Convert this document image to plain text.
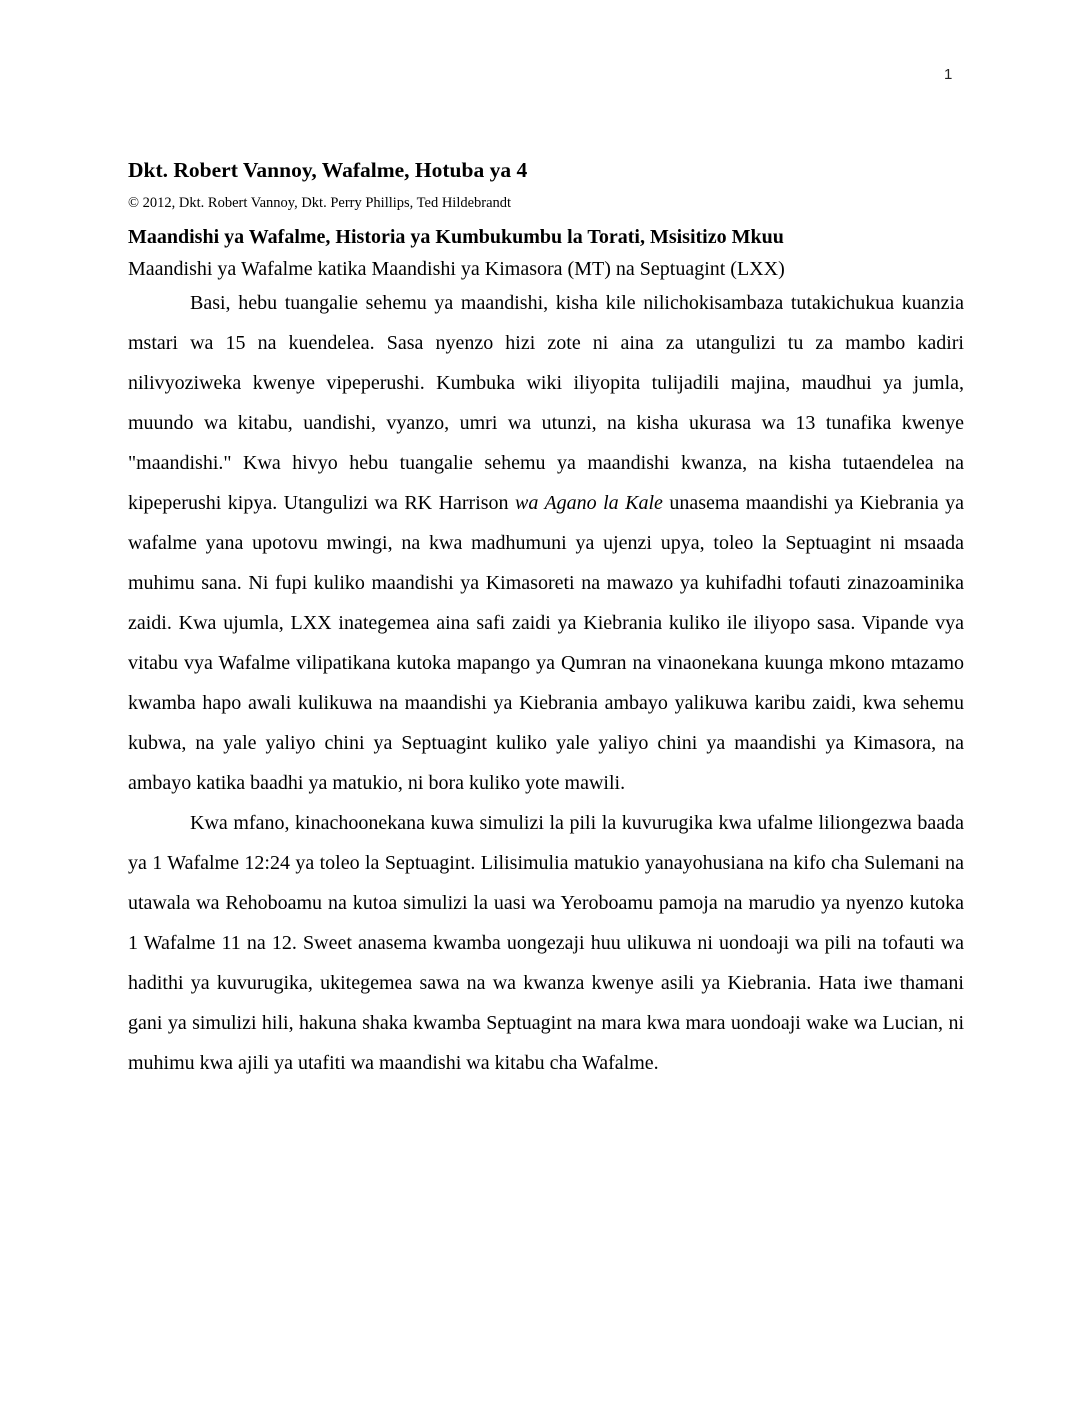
1
Dkt. Robert Vannoy, Wafalme, Hotuba ya 4

© 2012, Dkt. Robert Vannoy, Dkt. Perry Phillips, Ted Hildebrandt

Maandishi ya Wafalme, Historia ya Kumbukumbu la Torati, Msisitizo Mkuu

Maandishi ya Wafalme katika Maandishi ya Kimasora (MT) na Septuagint (LXX)

Basi, hebu tuangalie sehemu ya maandishi, kisha kile nilichokisambaza tutakichukua kuanzia mstari wa 15 na kuendelea. Sasa nyenzo hizi zote ni aina za utangulizi tu za mambo kadiri nilivyoziweka kwenye vipeperushi. Kumbuka wiki iliyopita tulijadili majina, maudhui ya jumla, muundo wa kitabu, uandishi, vyanzo, umri wa utunzi, na kisha ukurasa wa 13 tunafika kwenye "maandishi." Kwa hivyo hebu tuangalie sehemu ya maandishi kwanza, na kisha tutaendelea na kipeperushi kipya. Utangulizi wa RK Harrison wa Agano la Kale unasema maandishi ya Kiebrania ya wafalme yana upotovu mwingi, na kwa madhumuni ya ujenzi upya, toleo la Septuagint ni msaada muhimu sana. Ni fupi kuliko maandishi ya Kimasoreti na mawazo ya kuhifadhi tofauti zinazoaminika zaidi. Kwa ujumla, LXX inategemea aina safi zaidi ya Kiebrania kuliko ile iliyopo sasa. Vipande vya vitabu vya Wafalme vilipatikana kutoka mapango ya Qumran na vinaonekana kuunga mkono mtazamo kwamba hapo awali kulikuwa na maandishi ya Kiebrania ambayo yalikuwa karibu zaidi, kwa sehemu kubwa, na yale yaliyo chini ya Septuagint kuliko yale yaliyo chini ya maandishi ya Kimasora, na ambayo katika baadhi ya matukio, ni bora kuliko yote mawili.

Kwa mfano, kinachoonekana kuwa simulizi la pili la kuvurugika kwa ufalme liliongezwa baada ya 1 Wafalme 12:24 ya toleo la Septuagint. Lilisimulia matukio yanayohusiana na kifo cha Sulemani na utawala wa Rehoboamu na kutoa simulizi la uasi wa Yeroboamu pamoja na marudio ya nyenzo kutoka 1 Wafalme 11 na 12. Sweet anasema kwamba uongezaji huu ulikuwa ni uondoaji wa pili na tofauti wa hadithi ya kuvurugika, ukitegemea sawa na wa kwanza kwenye asili ya Kiebrania. Hata iwe thamani gani ya simulizi hili, hakuna shaka kwamba Septuagint na mara kwa mara uondoaji wake wa Lucian, ni muhimu kwa ajili ya utafiti wa maandishi wa kitabu cha Wafalme.
